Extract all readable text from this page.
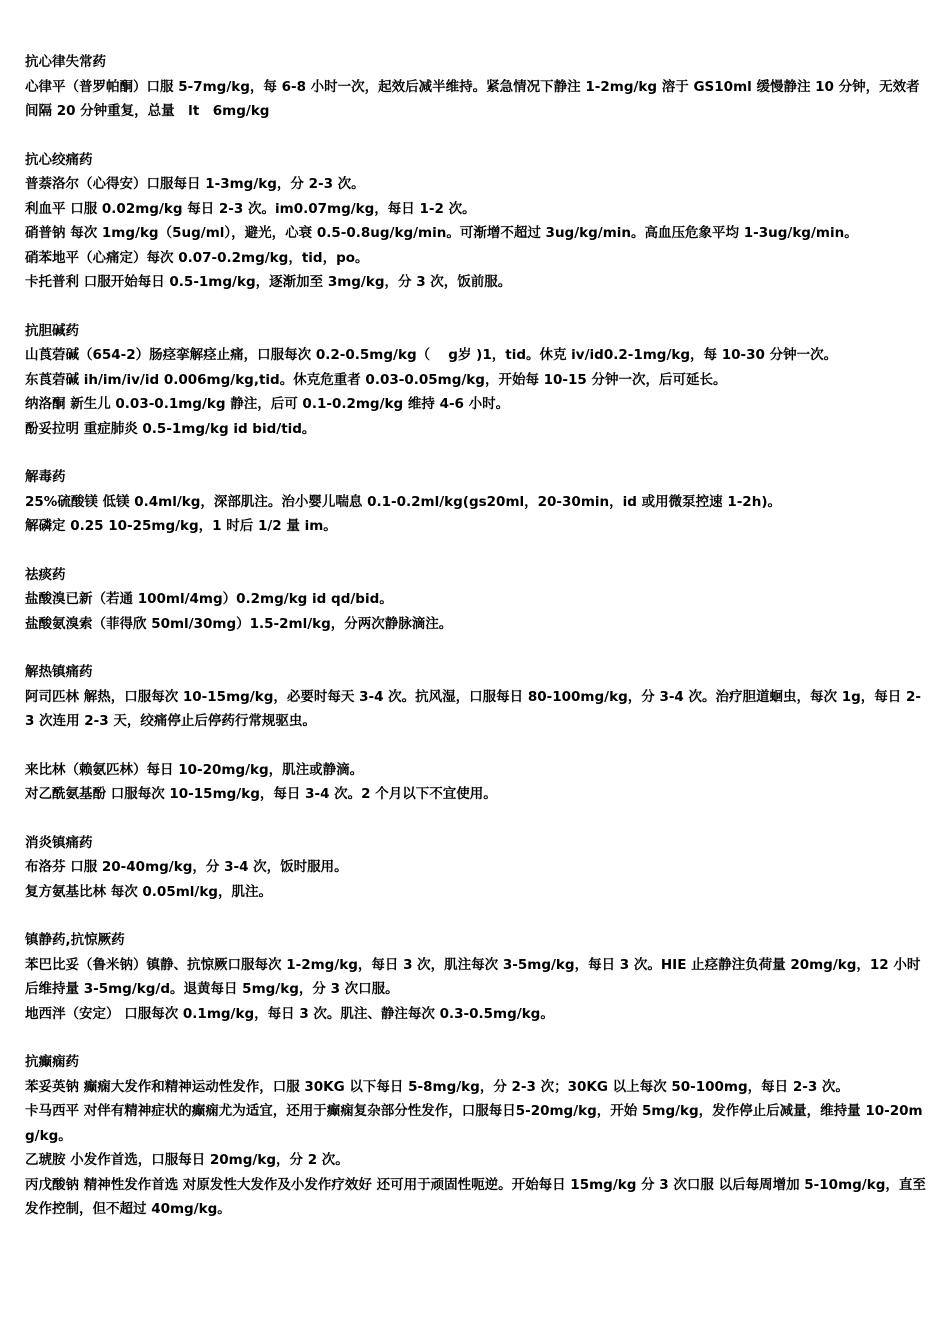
抗心律失常药

心律平（普罗帕酮）口服 5-7mg/kg，每 6-8 小时一次，起效后减半维持。紧急情况下静注 1-2mg/kg 溶于 GS10ml 缓慢静注 10 分钟，无效者间隔 20 分钟重复，总量　lt　6mg/kg

抗心绞痛药

普萘洛尔（心得安）口服每日 1-3mg/kg，分 2-3 次。

利血平 口服 0.02mg/kg 每日 2-3 次。im0.07mg/kg，每日 1-2 次。

硝普钠 每次 1mg/kg（5ug/ml），避光，心衰 0.5-0.8ug/kg/min。可渐增不超过 3ug/kg/min。高血压危象平均 1-3ug/kg/min。

硝苯地平（心痛定）每次 0.07-0.2mg/kg，tid，po。

卡托普利 口服开始每日 0.5-1mg/kg，逐渐加至 3mg/kg，分 3 次，饭前服。

抗胆碱药

山莨菪碱（654-2）肠痉挛解痉止痛，口服每次 0.2-0.5mg/kg（　 g岁 )1，tid。休克 iv/id0.2-1mg/kg，每 10-30 分钟一次。

东莨菪碱 ih/im/iv/id 0.006mg/kg,tid。休克危重者 0.03-0.05mg/kg，开始每 10-15 分钟一次，后可延长。

纳洛酮 新生儿 0.03-0.1mg/kg 静注，后可 0.1-0.2mg/kg 维持 4-6 小时。

酚妥拉明 重症肺炎 0.5-1mg/kg id bid/tid。

解毒药

25%硫酸镁 低镁 0.4ml/kg，深部肌注。治小婴儿喘息 0.1-0.2ml/kg(gs20ml，20-30min，id 或用微泵控速 1-2h)。

解磷定 0.25 10-25mg/kg，1 时后 1/2 量 im。

祛痰药

盐酸溴已新（若通 100ml/4mg）0.2mg/kg id qd/bid。

盐酸氨溴索（菲得欣 50ml/30mg）1.5-2ml/kg，分两次静脉滴注。

解热镇痛药

阿司匹林 解热，口服每次 10-15mg/kg，必要时每天 3-4 次。抗风湿，口服每日 80-100mg/kg，分 3-4 次。治疗胆道蛔虫，每次 1g，每日 2-3 次连用 2-3 天，绞痛停止后停药行常规驱虫。

来比林（赖氨匹林）每日 10-20mg/kg，肌注或静滴。

对乙酰氨基酚 口服每次 10-15mg/kg，每日 3-4 次。2 个月以下不宜使用。

消炎镇痛药

布洛芬 口服 20-40mg/kg，分 3-4 次，饭时服用。

复方氨基比林 每次 0.05ml/kg，肌注。

镇静药,抗惊厥药

苯巴比妥（鲁米钠）镇静、抗惊厥口服每次 1-2mg/kg，每日 3 次，肌注每次 3-5mg/kg，每日 3 次。HIE 止痉静注负荷量 20mg/kg，12 小时后维持量 3-5mg/kg/d。退黄每日 5mg/kg，分 3 次口服。

地西泮（安定） 口服每次 0.1mg/kg，每日 3 次。肌注、静注每次 0.3-0.5mg/kg。

抗癫痫药

苯妥英钠 癫痫大发作和精神运动性发作，口服 30KG 以下每日 5-8mg/kg，分 2-3 次；30KG 以上每次 50-100mg，每日 2-3 次。

卡马西平 对伴有精神症状的癫痫尤为适宜，还用于癫痫复杂部分性发作，口服每日5-20mg/kg，开始 5mg/kg，发作停止后减量，维持量 10-20mg/kg。

乙琥胺 小发作首选，口服每日 20mg/kg，分 2 次。

丙戊酸钠 精神性发作首选 对原发性大发作及小发作疗效好 还可用于顽固性呃逆。开始每日 15mg/kg 分 3 次口服 以后每周增加 5-10mg/kg，直至发作控制，但不超过 40mg/kg。
